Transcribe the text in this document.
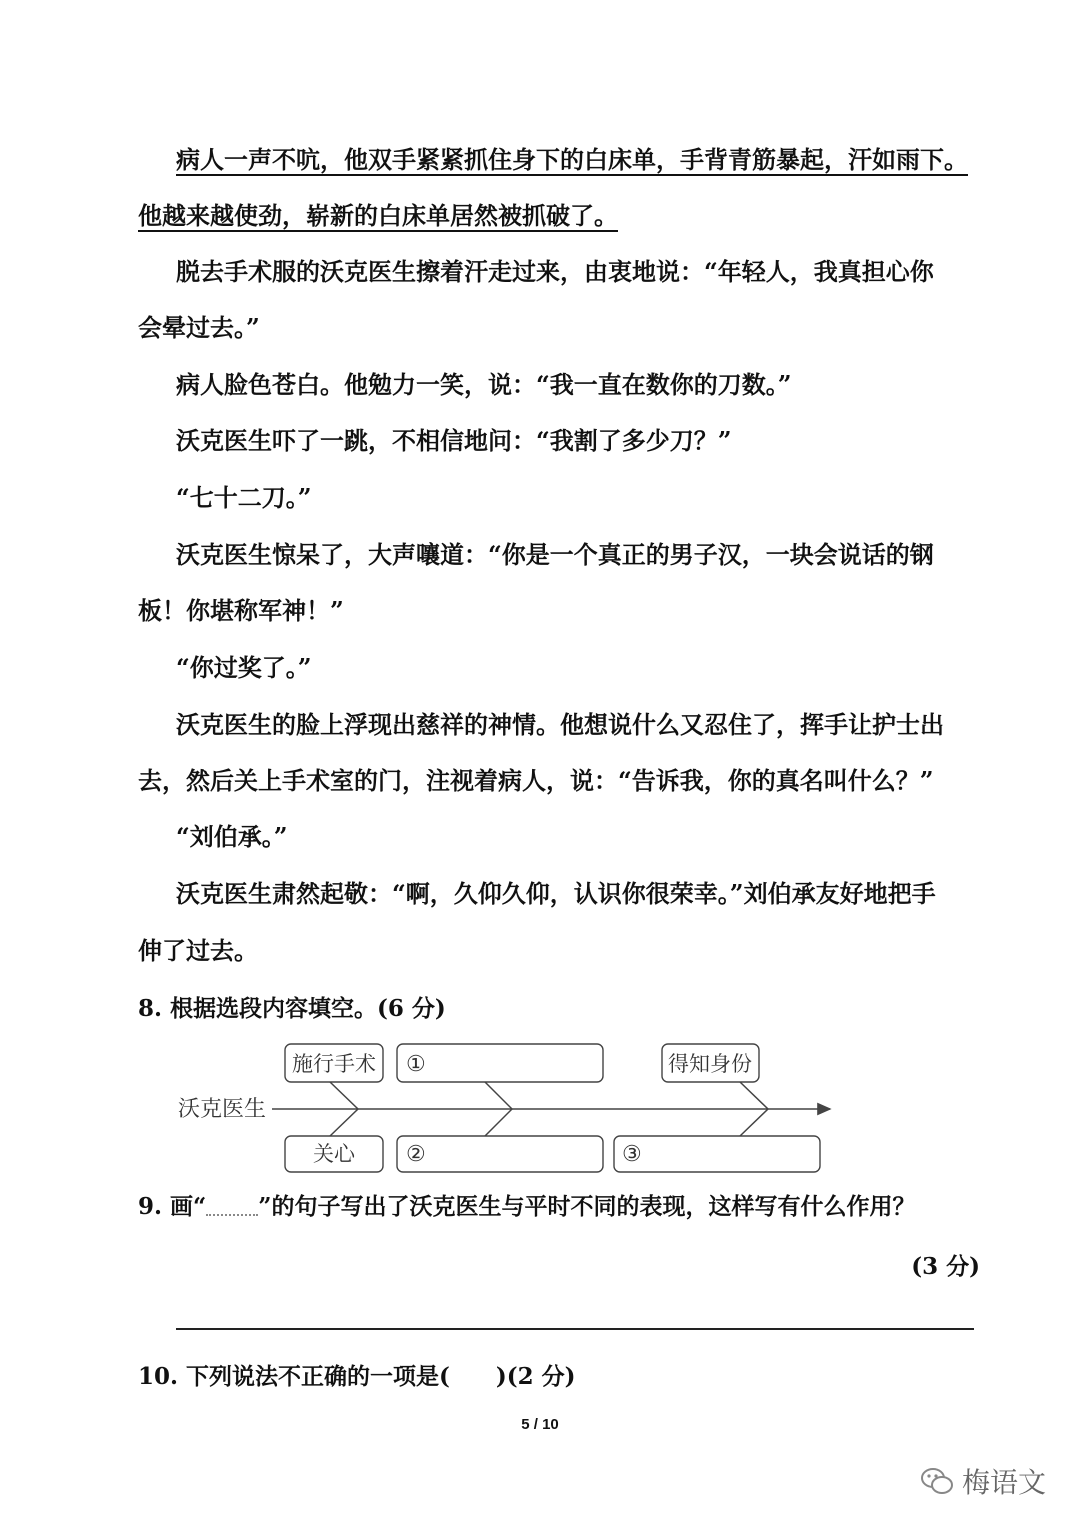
病人一声不吭，他双手紧紧抓住身下的白床单，手背青筋暴起，汗如雨下。
他越来越使劲，崭新的白床单居然被抓破了。
脱去手术服的沃克医生擦着汗走过来，由衷地说：“年轻人，我真担心你
会晕过去。”
病人脸色苍白。他勉力一笑，说：“我一直在数你的刀数。”
沃克医生吓了一跳，不相信地问：“我割了多少刀？”
“七十二刀。”
沃克医生惊呆了，大声嚷道：“你是一个真正的男子汉，一块会说话的钢
板！你堪称军神！”
“你过奖了。”
沃克医生的脸上浮现出慈祥的神情。他想说什么又忍住了，挥手让护士出
去，然后关上手术室的门，注视着病人，说：“告诉我，你的真名叫什么？”
“刘伯承。”
沃克医生肃然起敬：“啊，久仰久仰，认识你很荣幸。”刘伯承友好地把手
伸了过去。
8. 根据选段内容填空。(6 分)
沃克医生
施行手术 ①	得知身份
关心 ②	③
9. 画“ ”的句子写出了沃克医生与平时不同的表现，这样写有什么作用？
(3 分)
10. 下列说法不正确的一项是(　　)(2 分)
5 / 10
梅语文
